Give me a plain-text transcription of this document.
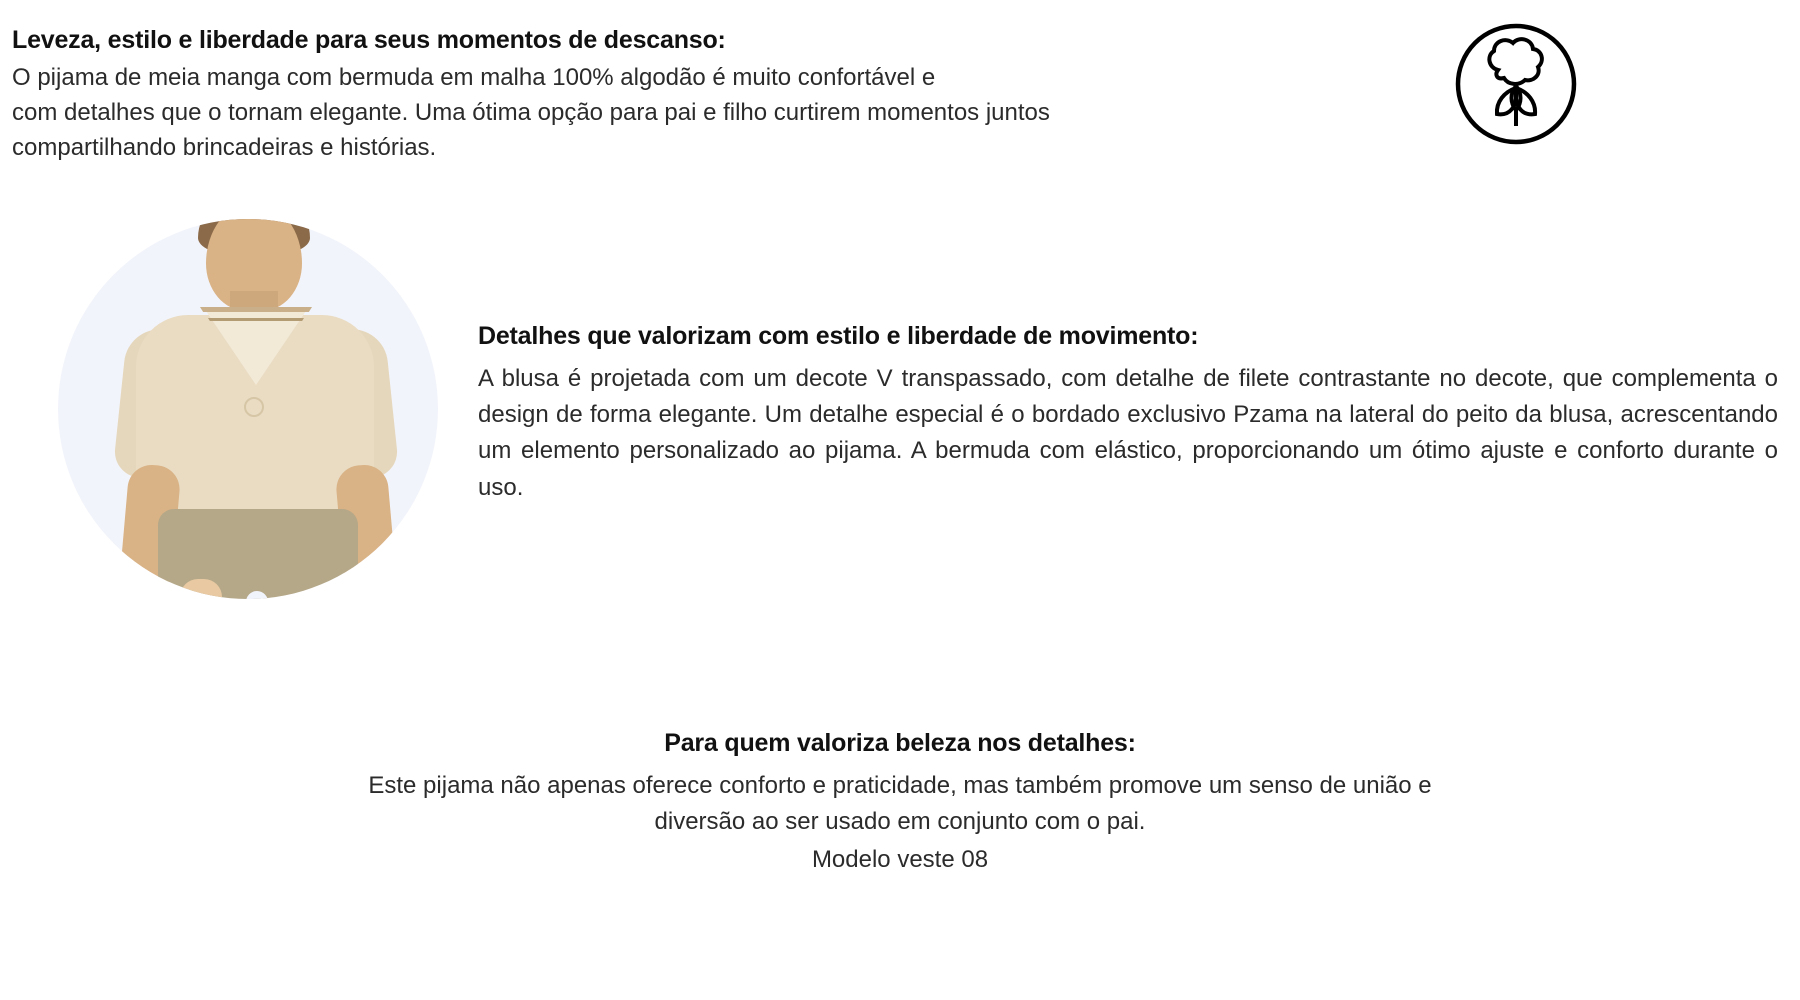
Leveza, estilo e liberdade para seus momentos de descanso:

O pijama de meia manga com bermuda em malha 100% algodão é muito confortável e
com detalhes que o tornam elegante. Uma ótima opção para pai e filho curtirem momentos juntos
compartilhando brincadeiras e histórias.

Detalhes que valorizam com estilo e liberdade de movimento:

A blusa é projetada com um decote V transpassado, com detalhe de filete contrastante no decote, que complementa o design de forma elegante. Um detalhe especial é o bordado exclusivo Pzama na lateral do peito da blusa, acrescentando um elemento personalizado ao pijama. A bermuda com elástico, proporcionando um ótimo ajuste e conforto durante o uso.

Para quem valoriza beleza nos detalhes:

Este pijama não apenas oferece conforto e praticidade, mas também promove um senso de união e
diversão ao ser usado em conjunto com o pai.

Modelo veste 08
